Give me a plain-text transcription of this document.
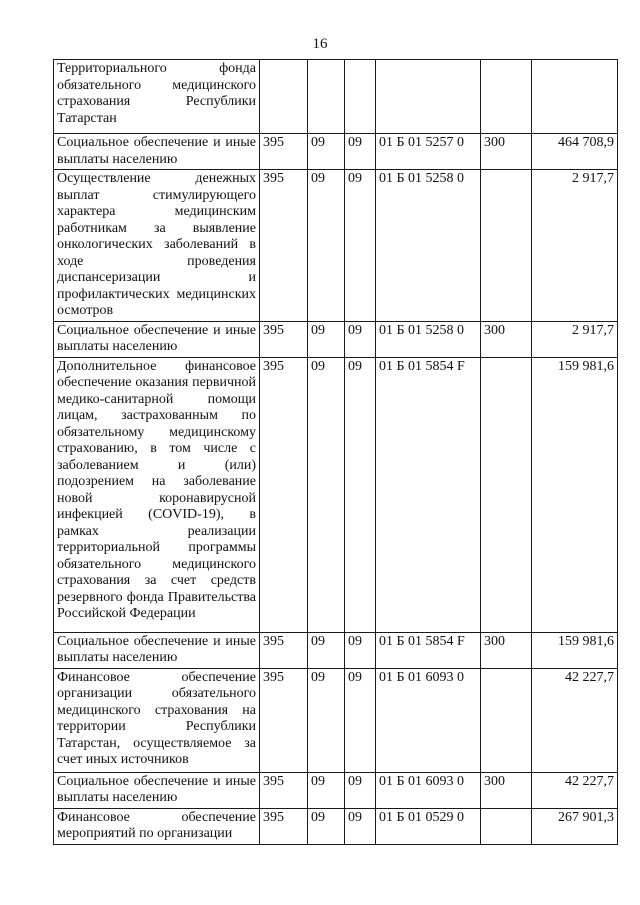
16
Территориального фонда обязательного медицинского страхования Республики Татарстан						
Социальное обеспечение и иные выплаты населению	395	09	09	01 Б 01 5257 0	300	464 708,9
Осуществление денежных выплат стимулирующего характера медицинским работникам за выявление онкологических заболеваний в ходе проведения диспансеризации и профилактических медицинских осмотров	395	09	09	01 Б 01 5258 0		2 917,7
Социальное обеспечение и иные выплаты населению	395	09	09	01 Б 01 5258 0	300	2 917,7
Дополнительное финансовое обеспечение оказания первичной медико-санитарной помощи лицам, застрахованным по обязательному медицинскому страхованию, в том числе с заболеванием и (или) подозрением на заболевание новой коронавирусной инфекцией (COVID-19), в рамках реализации территориальной программы обязательного медицинского страхования за счет средств резервного фонда Правительства Российской Федерации	395	09	09	01 Б 01 5854 F		159 981,6
Социальное обеспечение и иные выплаты населению	395	09	09	01 Б 01 5854 F	300	159 981,6
Финансовое обеспечение организации обязательного медицинского страхования на территории Республики Татарстан, осуществляемое за счет иных источников	395	09	09	01 Б 01 6093 0		42 227,7
Социальное обеспечение и иные выплаты населению	395	09	09	01 Б 01 6093 0	300	42 227,7
Финансовое обеспечение мероприятий по организации	395	09	09	01 Б 01 0529 0		267 901,3
